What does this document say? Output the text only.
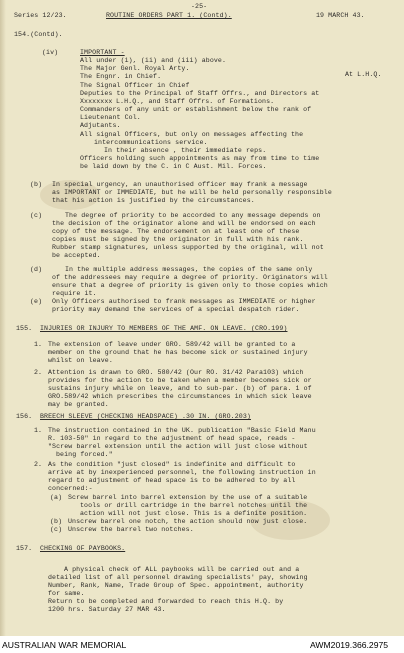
-25-
Series 12/23.	ROUTINE ORDERS PART 1. (Contd).	19 MARCH 43.
154.(Contd).
(iv)	IMPORTANT -
All under (i), (ii) and (iii) above.
The Major Genl. Royal Arty.
The Engnr. in Chief.
The Signal Officer in Chief
Deputies to the Principal of Staff Offrs., and Directors at
Xxxxxxxx L.H.Q., and Staff Offrs. of Formations.
Commanders of any unit or establishment below the rank of
Lieutenant Col.
Adjutants.
All signal Officers, but only on messages affecting the
intercommunications service.
In their absence , their immediate reps.
Officers holding such appointments as may from time to time
be laid down by the C. in C Aust. Mil. Forces.
At L.H.Q.
(b) In special urgency, an unauthorised officer may frank a message
as IMPORTANT or IMMEDIATE, but he will be held personally responsible
that his action is justified by the circumstances.
(c)	The degree of priority to be accorded to any message depends on
the decision of the originator alone and will be endorsed on each
copy of the message. The endorsement on at least one of these
copies must be signed by the originator in full with his rank.
Rubber stamp signatures, unless supported by the original, will not
be accepted.
(d)	In the multiple address messages, the copies of the same only
of the addressees may require a degree of priority. Originators will
ensure that a degree of priority is given only to those copies which
require it.
(e) Only Officers authorised to frank messages as IMMEDIATE or higher
priority may demand the services of a special despatch rider.
155. INJURIES OR INJURY TO MEMBERS OF THE AMF. ON LEAVE. (CRO.199)
1. The extension of leave under GRO. 589/42 will be granted to a
member on the ground that he has become sick or sustained injury
whilst on leave.
2. Attention is drawn to GRO. 580/42 (Our RO. 31/42 Para103) which
provides for the action to be taken when a member becomes sick or
sustains injury while on leave, and to sub-par. (b) of para. 1 of
GRO.589/42 which prescribes the circumstances in which sick leave
may be granted.
156. BREECH SLEEVE (CHECKING HEADSPACE) .30 IN. (GRO.203)
1. The instruction contained in the UK. publication "Basic Field Manu
R. 103-50" in regard to the adjustment of head space, reads -
"Screw barrel extension until the action will just close without
being forced."
2. As the condition "just closed" is indefinite and difficult to
arrive at by inexperienced personnel, the following instruction in
regard to adjustment of head space is to be adhered to by all
concerned:-
(a) Screw barrel into barrel extension by the use of a suitable
tools or drill cartridge in the barrel notches until the
action will not just close. This is a definite position.
(b) Unscrew barrel one notch, the action should now just close.
(c) Unscrew the barrel two notches.
157. CHECKING OF PAYBOOKS.
A physical check of ALL paybooks will be carried out and a
detailed list of all personnel drawing specialists' pay, showing
Number, Rank, Name, Trade Group of Spec. appointment, authority
for same.
Return to be completed and forwarded to reach this H.Q. by
1200 hrs. Saturday 27 MAR 43.
AUSTRALIAN WAR MEMORIAL	AWM2019.366.2975
